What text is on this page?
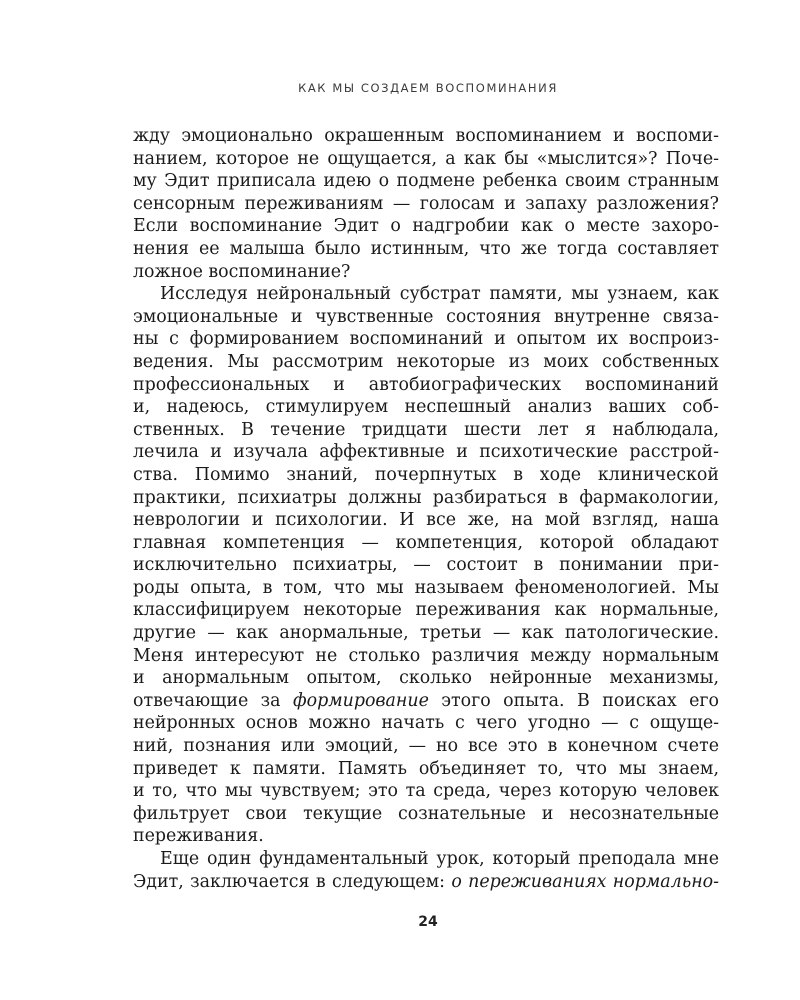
КАК МЫ СОЗДАЕМ ВОСПОМИНАНИЯ
жду эмоционально окрашенным воспоминанием и воспоми-
нанием, которое не ощущается, а как бы «мыслится»? Поче-
му Эдит приписала идею о подмене ребенка своим странным
сенсорным переживаниям — голосам и запаху разложения?
Если воспоминание Эдит о надгробии как о месте захоро-
нения ее малыша было истинным, что же тогда составляет
ложное воспоминание?
Исследуя нейрональный субстрат памяти, мы узнаем, как
эмоциональные и чувственные состояния внутренне связа-
ны с формированием воспоминаний и опытом их воспроиз-
ведения. Мы рассмотрим некоторые из моих собственных
профессиональных и автобиографических воспоминаний
и, надеюсь, стимулируем неспешный анализ ваших соб-
ственных. В течение тридцати шести лет я наблюдала,
лечила и изучала аффективные и психотические расстрой-
ства. Помимо знаний, почерпнутых в ходе клинической
практики, психиатры должны разбираться в фармакологии,
неврологии и психологии. И все же, на мой взгляд, наша
главная компетенция — компетенция, которой обладают
исключительно психиатры, — состоит в понимании при-
роды опыта, в том, что мы называем феноменологией. Мы
классифицируем некоторые переживания как нормальные,
другие — как анормальные, третьи — как патологические.
Меня интересуют не столько различия между нормальным
и анормальным опытом, сколько нейронные механизмы,
отвечающие за формирование этого опыта. В поисках его
нейронных основ можно начать с чего угодно — с ощуще-
ний, познания или эмоций, — но все это в конечном счете
приведет к памяти. Память объединяет то, что мы знаем,
и то, что мы чувствуем; это та среда, через которую человек
фильтрует свои текущие сознательные и несознательные
переживания.
Еще один фундаментальный урок, который преподала мне
Эдит, заключается в следующем: о переживаниях нормально-
24
